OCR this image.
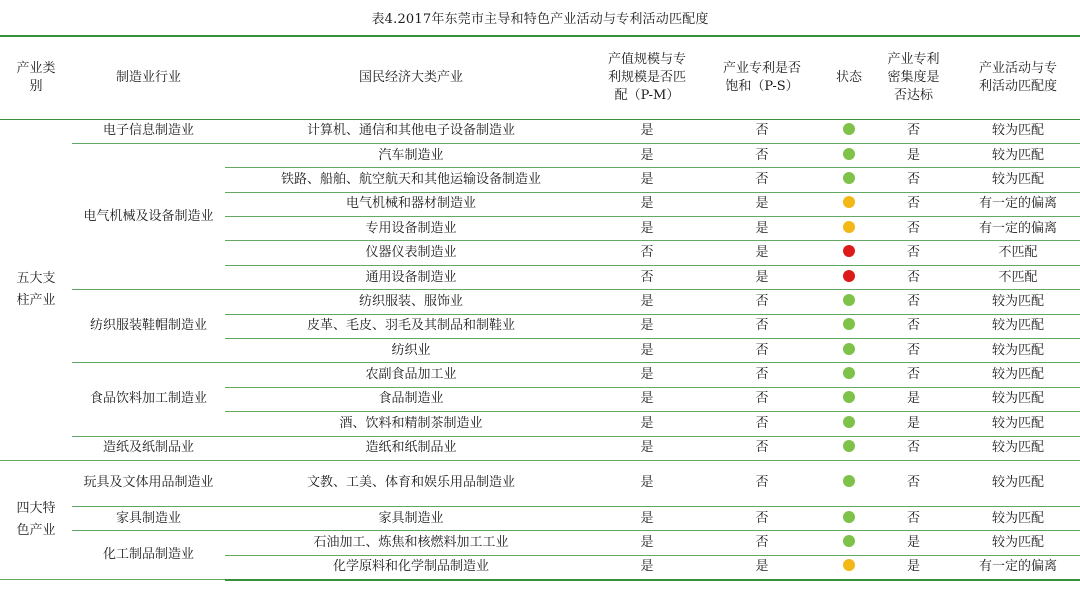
表4.2017年东莞市主导和特色产业活动与专利活动匹配度
产业类别	制造业行业	国民经济大类产业	产值规模与专利规模是否匹配（P-M）	产业专利是否饱和（P-S）	状态	产业专利密集度是否达标	产业活动与专利活动匹配度
五大支柱产业	电子信息制造业	计算机、通信和其他电子设备制造业	是	否		否	较为匹配
	电气机械及设备制造业	汽车制造业	是	否		是	较为匹配
		铁路、船舶、航空航天和其他运输设备制造业	是	否		否	较为匹配
		电气机械和器材制造业	是	是		否	有一定的偏离
		专用设备制造业	是	是		否	有一定的偏离
		仪器仪表制造业	否	是		否	不匹配
		通用设备制造业	否	是		否	不匹配
	纺织服装鞋帽制造业	纺织服装、服饰业	是	否		否	较为匹配
		皮革、毛皮、羽毛及其制品和制鞋业	是	否		否	较为匹配
		纺织业	是	否		否	较为匹配
	食品饮料加工制造业	农副食品加工业	是	否		否	较为匹配
		食品制造业	是	否		是	较为匹配
		酒、饮料和精制茶制造业	是	否		是	较为匹配
	造纸及纸制品业	造纸和纸制品业	是	否		否	较为匹配
四大特色产业	玩具及文体用品制造业	文教、工美、体育和娱乐用品制造业	是	否		否	较为匹配
	家具制造业	家具制造业	是	否		否	较为匹配
	化工制品制造业	石油加工、炼焦和核燃料加工工业	是	否		是	较为匹配
		化学原料和化学制品制造业	是	是		是	有一定的偏离
